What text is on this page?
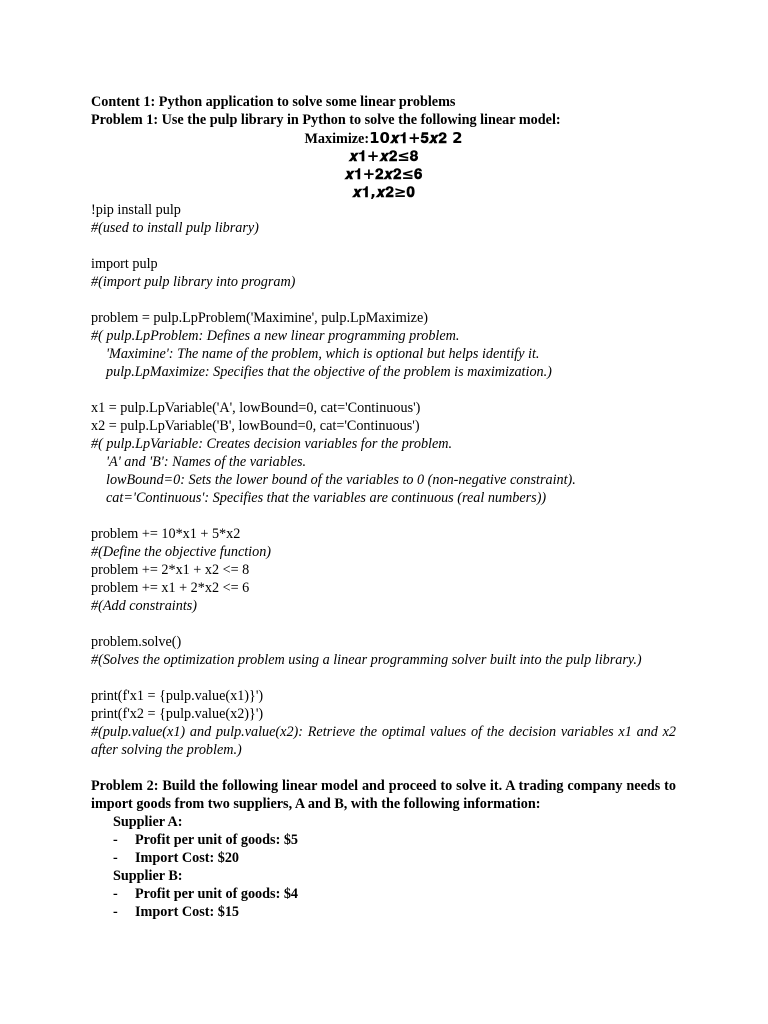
Content 1: Python application to solve some linear problems
Problem 1: Use the pulp library in Python to solve the following linear model:
Maximize:10𝒙𝟏+𝟓𝒙𝟐 2
𝒙𝟏+𝒙𝟐≤𝟖
𝒙𝟏+𝟐𝒙𝟐≤𝟔
𝒙𝟏,𝒙𝟐≥𝟎
!pip install pulp
#(used to install pulp library)
import pulp
#(import pulp library into program)
problem = pulp.LpProblem('Maximine', pulp.LpMaximize)
#( pulp.LpProblem: Defines a new linear programming problem.
'Maximine': The name of the problem, which is optional but helps identify it.
pulp.LpMaximize: Specifies that the objective of the problem is maximization.)
x1 = pulp.LpVariable('A', lowBound=0, cat='Continuous')
x2 = pulp.LpVariable('B', lowBound=0, cat='Continuous')
#( pulp.LpVariable: Creates decision variables for the problem.
'A' and 'B': Names of the variables.
lowBound=0: Sets the lower bound of the variables to 0 (non-negative constraint).
cat='Continuous': Specifies that the variables are continuous (real numbers))
problem += 10*x1 + 5*x2
#(Define the objective function)
problem += 2*x1 + x2 <= 8
problem += x1 + 2*x2 <= 6
#(Add constraints)
problem.solve()
#(Solves the optimization problem using a linear programming solver built into the pulp library.)
print(f'x1 = {pulp.value(x1)}')
print(f'x2 = {pulp.value(x2)}')
#(pulp.value(x1) and pulp.value(x2): Retrieve the optimal values of the decision variables x1 and x2 after solving the problem.)
Problem 2: Build the following linear model and proceed to solve it. A trading company needs to import goods from two suppliers, A and B, with the following information:
Supplier A:
-	Profit per unit of goods: $5
-	Import Cost: $20
Supplier B:
-	Profit per unit of goods: $4
-	Import Cost: $15
